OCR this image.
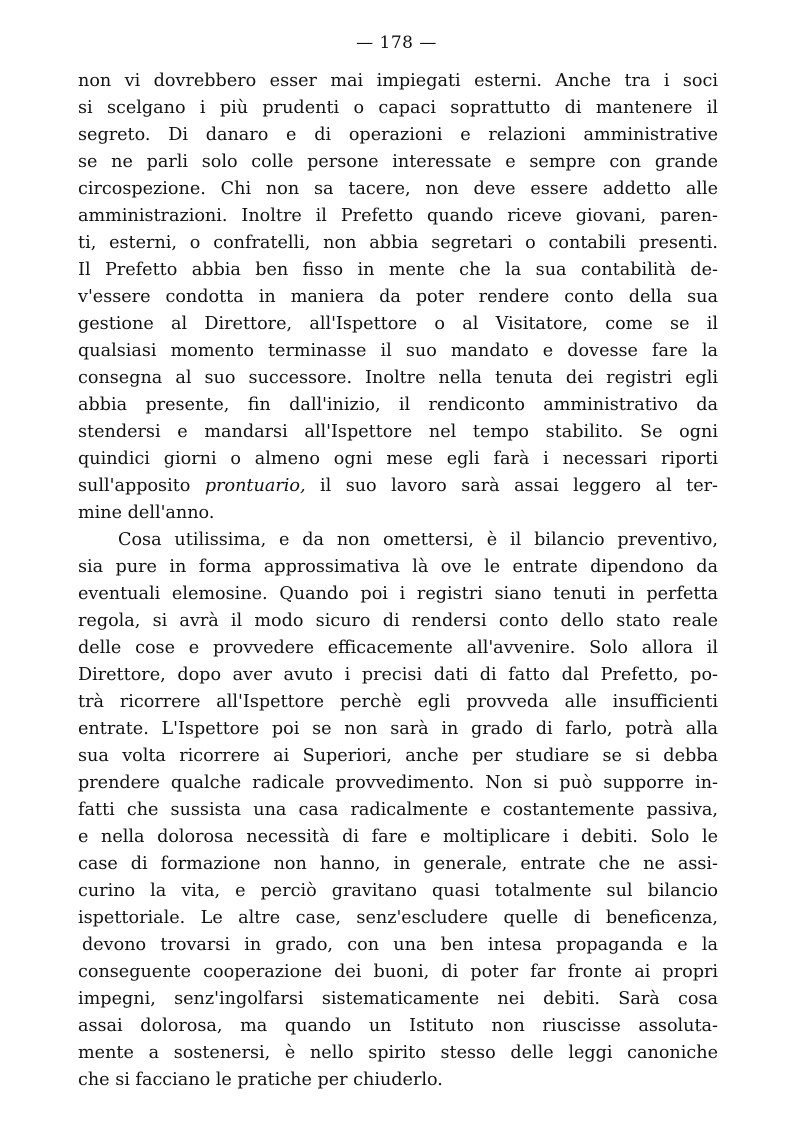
— 178 —
non vi dovrebbero esser mai impiegati esterni. Anche tra i soci
si scelgano i più prudenti o capaci soprattutto di mantenere il
segreto. Di danaro e di operazioni e relazioni amministrative
se ne parli solo colle persone interessate e sempre con grande
circospezione. Chi non sa tacere, non deve essere addetto alle
amministrazioni. Inoltre il Prefetto quando riceve giovani, paren-
ti, esterni, o confratelli, non abbia segretari o contabili presenti.
Il Prefetto abbia ben fisso in mente che la sua contabilità de-
v'essere condotta in maniera da poter rendere conto della sua
gestione al Direttore, all'Ispettore o al Visitatore, come se il
qualsiasi momento terminasse il suo mandato e dovesse fare la
consegna al suo successore. Inoltre nella tenuta dei registri egli
abbia presente, fin dall'inizio, il rendiconto amministrativo da
stendersi e mandarsi all'Ispettore nel tempo stabilito. Se ogni
quindici giorni o almeno ogni mese egli farà i necessari riporti
sull'apposito prontuario, il suo lavoro sarà assai leggero al ter-
mine dell'anno.
Cosa utilissima, e da non omettersi, è il bilancio preventivo,
sia pure in forma approssimativa là ove le entrate dipendono da
eventuali elemosine. Quando poi i registri siano tenuti in perfetta
regola, si avrà il modo sicuro di rendersi conto dello stato reale
delle cose e provvedere efficacemente all'avvenire. Solo allora il
Direttore, dopo aver avuto i precisi dati di fatto dal Prefetto, po-
trà ricorrere all'Ispettore perchè egli provveda alle insufficienti
entrate. L'Ispettore poi se non sarà in grado di farlo, potrà alla
sua volta ricorrere ai Superiori, anche per studiare se si debba
prendere qualche radicale provvedimento. Non si può supporre in-
fatti che sussista una casa radicalmente e costantemente passiva,
e nella dolorosa necessità di fare e moltiplicare i debiti. Solo le
case di formazione non hanno, in generale, entrate che ne assi-
curino la vita, e perciò gravitano quasi totalmente sul bilancio
ispettoriale. Le altre case, senz'escludere quelle di beneficenza,
devono trovarsi in grado, con una ben intesa propaganda e la
conseguente cooperazione dei buoni, di poter far fronte ai propri
impegni, senz'ingolfarsi sistematicamente nei debiti. Sarà cosa
assai dolorosa, ma quando un Istituto non riuscisse assoluta-
mente a sostenersi, è nello spirito stesso delle leggi canoniche
che si facciano le pratiche per chiuderlo.
